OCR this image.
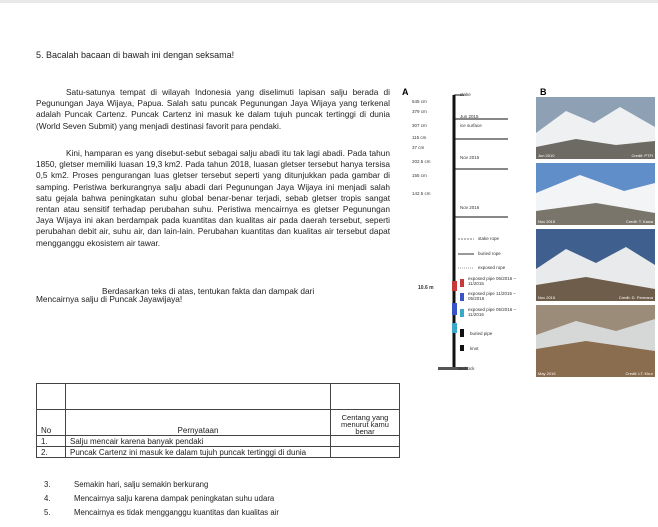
5. Bacalah bacaan di bawah ini dengan seksama!

Satu-satunya tempat di wilayah Indonesia yang diselimuti lapisan salju berada di Pegunungan Jaya Wijaya, Papua. Salah satu puncak Pegunungan Jaya Wijaya yang terkenal adalah Puncak Cartenz. Puncak Cartenz ini masuk ke dalam tujuh puncak tertinggi di dunia (World Seven Submit) yang menjadi destinasi favorit para pendaki.

Kini, hamparan es yang disebut-sebut sebagai salju abadi itu tak lagi abadi. Pada tahun 1850, gletser memiliki luasan 19,3 km2. Pada tahun 2018, luasan gletser tersebut hanya tersisa 0,5 km2. Proses pengurangan luas gletser tersebut seperti yang ditunjukkan pada gambar di samping. Peristiwa berkurangnya salju abadi dari Pegunungan Jaya Wijaya ini menjadi salah satu gejala bahwa peningkatan suhu global benar-benar terjadi, sebab gletser tropis sangat rentan atau sensitif terhadap perubahan suhu. Peristiwa mencairnya es gletser Pegunungan Jaya Wijaya ini akan berdampak pada kuantitas dan kualitas air pada daerah tersebut, seperti perubahan debit air, suhu air, dan lain-lain. Perubahan kuantitas dan kualitas air tersebut dapat mengganggu ekosistem air tawar.

Berdasarkan teks di atas, tentukan fakta dan dampak dari
Mencairnya salju di Puncak Jayawijaya!
A	stake
Jun 2015
ice surface
Nov 2015
Nov 2016
545 cm
379 cm
307 cm
115 cm
37 cm
202.5 cm
155 cm
142.5 cm
10.6 m
stake rope
buried rope
exposed rope
exposed pipe 06/2016 – 11/2015
exposed pipe 11/2015 – 05/2016
exposed pipe 05/2016 – 11/2016
buried pipe
knot
Bedrock
B
Jun 2010	Credit: PTFI
Nov 2015	Credit: T. Kawa
Nov 2015	Credit: D. Permana
May 2016	Credit: LT. Kirur

No	Pernyataan	Centang yang menurut kamu benar
1.	Salju mencair karena banyak pendaki	
2.	Puncak Cartenz ini masuk ke dalam tujuh puncak tertinggi di dunia	
3.	Semakin hari, salju semakin berkurang
4.	Mencairnya salju karena dampak peningkatan suhu udara
5.	Mencairnya es tidak mengganggu kuantitas dan kualitas air
